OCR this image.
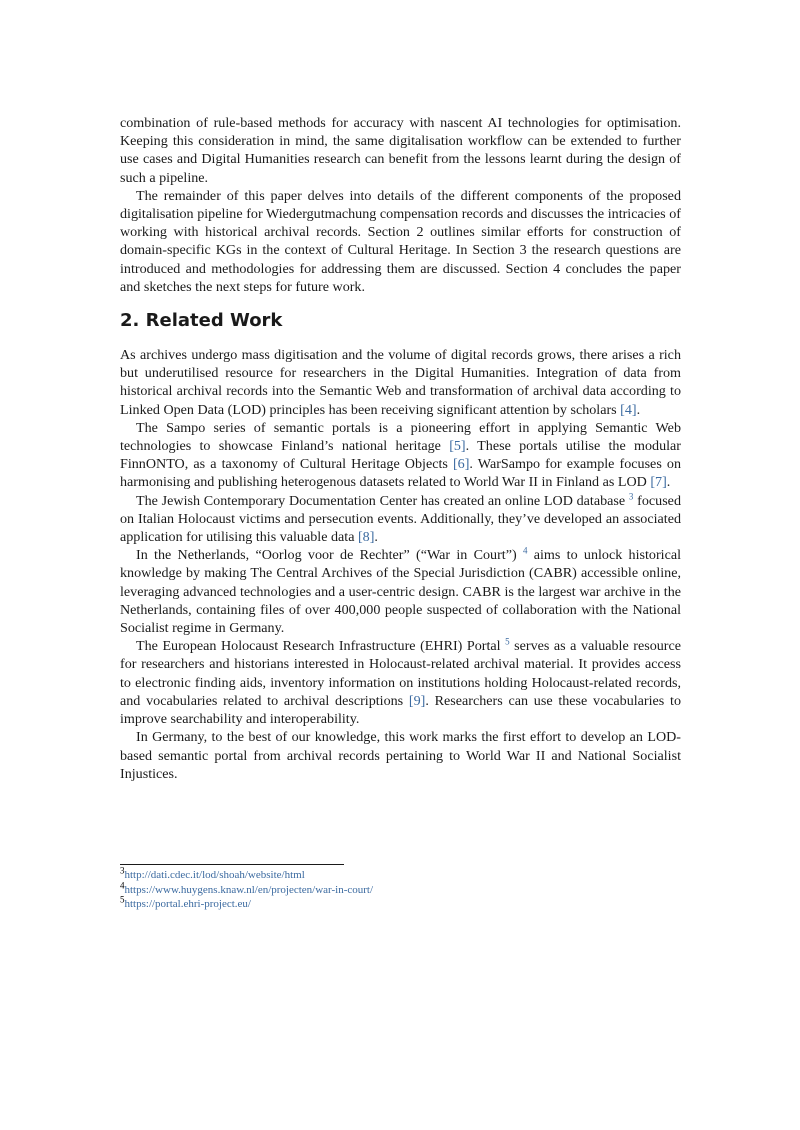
combination of rule-based methods for accuracy with nascent AI technologies for optimisation. Keeping this consideration in mind, the same digitalisation workflow can be extended to further use cases and Digital Humanities research can benefit from the lessons learnt during the design of such a pipeline.

The remainder of this paper delves into details of the different components of the proposed digitalisation pipeline for Wiedergutmachung compensation records and discusses the intricacies of working with historical archival records. Section 2 outlines similar efforts for construction of domain-specific KGs in the context of Cultural Heritage. In Section 3 the research questions are introduced and methodologies for addressing them are discussed. Section 4 concludes the paper and sketches the next steps for future work.

2. Related Work

As archives undergo mass digitisation and the volume of digital records grows, there arises a rich but underutilised resource for researchers in the Digital Humanities. Integration of data from historical archival records into the Semantic Web and transformation of archival data according to Linked Open Data (LOD) principles has been receiving significant attention by scholars [4].

The Sampo series of semantic portals is a pioneering effort in applying Semantic Web technologies to showcase Finland’s national heritage [5]. These portals utilise the modular FinnONTO, as a taxonomy of Cultural Heritage Objects [6]. WarSampo for example focuses on harmonising and publishing heterogenous datasets related to World War II in Finland as LOD [7].

The Jewish Contemporary Documentation Center has created an online LOD database $^3$ focused on Italian Holocaust victims and persecution events. Additionally, they’ve developed an associated application for utilising this valuable data [8].

In the Netherlands, “Oorlog voor de Rechter” (“War in Court”) $^4$ aims to unlock historical knowledge by making The Central Archives of the Special Jurisdiction (CABR) accessible online, leveraging advanced technologies and a user-centric design. CABR is the largest war archive in the Netherlands, containing files of over 400,000 people suspected of collaboration with the National Socialist regime in Germany.

The European Holocaust Research Infrastructure (EHRI) Portal $^5$ serves as a valuable resource for researchers and historians interested in Holocaust-related archival material. It provides access to electronic finding aids, inventory information on institutions holding Holocaust-related records, and vocabularies related to archival descriptions [9]. Researchers can use these vocabularies to improve searchability and interoperability.

In Germany, to the best of our knowledge, this work marks the first effort to develop an LOD-based semantic portal from archival records pertaining to World War II and National Socialist Injustices.

$^3$http://dati.cdec.it/lod/shoah/website/html
$^4$https://www.huygens.knaw.nl/en/projecten/war-in-court/
$^5$https://portal.ehri-project.eu/
